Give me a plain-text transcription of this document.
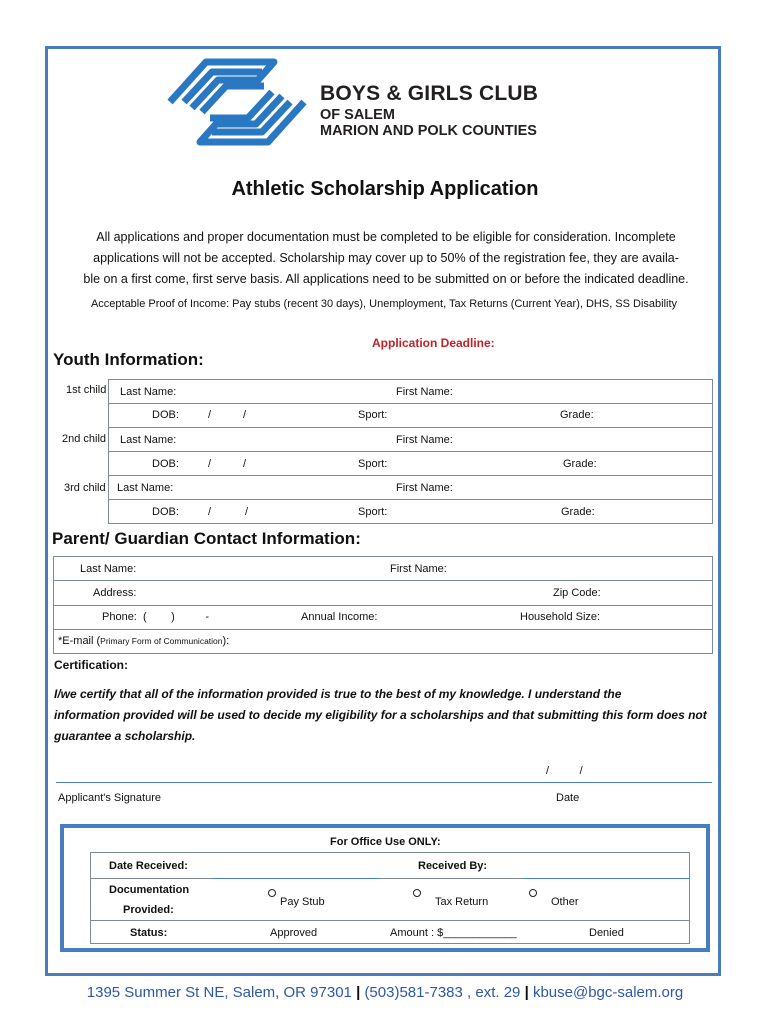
BOYS & GIRLS CLUB
OF SALEM
MARION AND POLK COUNTIES
Athletic Scholarship Application
All applications and proper documentation must be completed to be eligible for consideration. Incomplete
applications will not be accepted. Scholarship may cover up to 50% of the registration fee, they are availa-
ble on a first come, first serve basis. All applications need to be submitted on or before the indicated deadline.
Acceptable Proof of Income: Pay stubs (recent 30 days), Unemployment, Tax Returns (Current Year), DHS, SS Disability
Application Deadline:
Youth Information:
1st child Last Name:	First Name:
DOB:	/	/	Sport:	Grade:
2nd child Last Name:	First Name:
DOB:	/	/	Sport:	Grade:
3rd child Last Name:	First Name:
DOB:	/	/	Sport:	Grade:
Parent/ Guardian Contact Information:
Last Name:	First Name:
Address:	Zip Code:
Phone:  (        )          -	Annual Income:	Household Size:
*E-mail (Primary Form of Communication):
Certification:
I/we certify that all of the information provided is true to the best of my knowledge. I understand the
information provided will be used to decide my eligibility for a scholarships and that submitting this form does not
guarantee a scholarship.
/          /
Applicant's Signature	Date
For Office Use ONLY:
Date Received:	Received By:
Documentation
Provided:
Pay Stub	Tax Return	Other
Status:	Approved	Amount : $____________	Denied
1395 Summer St NE, Salem, OR 97301 | (503)581-7383 , ext. 29 | kbuse@bgc-salem.org
